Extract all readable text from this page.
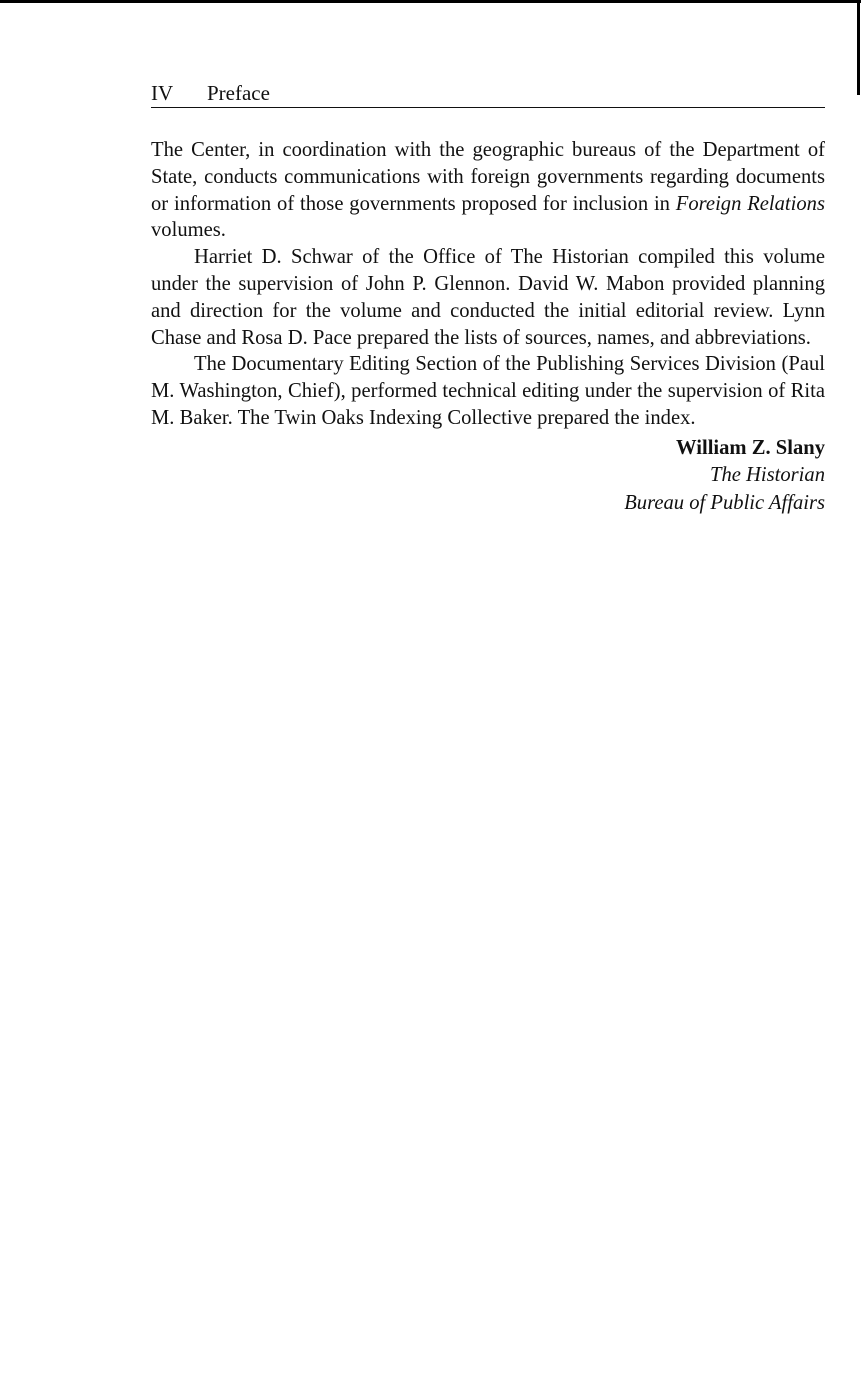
IV	Preface

The Center, in coordination with the geographic bureaus of the Department of State, conducts communications with foreign governments regarding documents or information of those governments proposed for inclusion in Foreign Relations volumes.

Harriet D. Schwar of the Office of The Historian compiled this volume under the supervision of John P. Glennon. David W. Mabon provided planning and direction for the volume and conducted the initial editorial review. Lynn Chase and Rosa D. Pace prepared the lists of sources, names, and abbreviations.

The Documentary Editing Section of the Publishing Services Division (Paul M. Washington, Chief), performed technical editing under the supervision of Rita M. Baker. The Twin Oaks Indexing Collective prepared the index.

William Z. Slany
The Historian
Bureau of Public Affairs
